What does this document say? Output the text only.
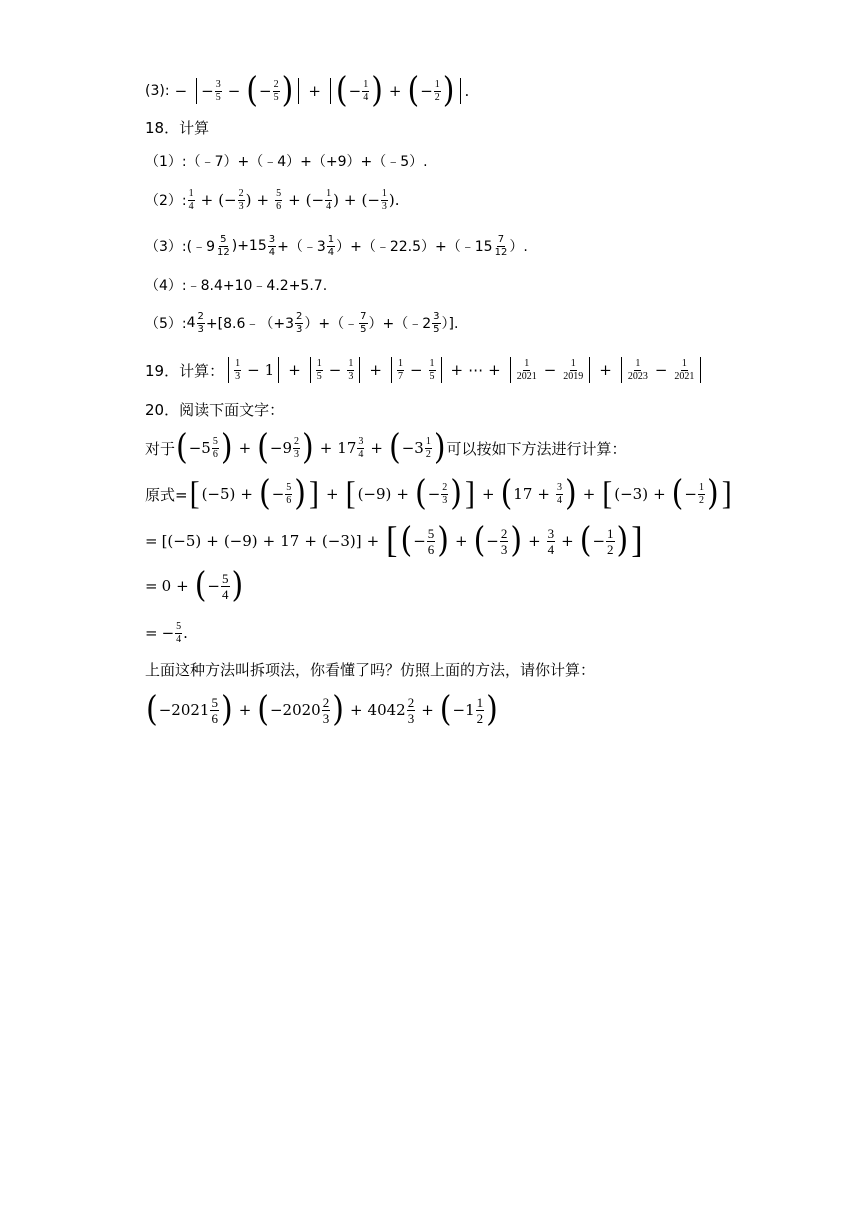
(3): − − $\frac{3}{5}$ − ( − $\frac{2}{5}$ ) + ( − $\frac{1}{4}$ ) + ( − $\frac{1}{2}$ ) .
18．计算
（1）: （﹣7）+（﹣4）+（+9）+（﹣5）.
（2）: $\frac{1}{4}$ + (− $\frac{2}{3}$ ) + $\frac{5}{6}$ + (− $\frac{1}{4}$ ) + (− $\frac{1}{3}$ ).
（3）: (﹣9 $\frac{5}{12} )+15 \frac{3}{4}$ +（﹣3 $\frac{1}{4}$ ）+（﹣22.5）+（﹣15 $\frac{7}{12}$ ）.
（4）: ﹣8.4+10﹣4.2+5.7.
（5）: $4 \frac{2}{3}$ +[8.6﹣（+3 $\frac{2}{3}$ ）+（﹣ $\frac{7}{5}$ ）+（﹣2 $\frac{3}{5}$ ）].
19．计算： $\frac{1}{3} - 1 + \frac{1}{5} - \frac{1}{3} + \frac{1}{7} - \frac{1}{5}$ + ⋯ + $\frac{1}{2021} - \frac{1}{2019} + \frac{1}{2023} - \frac{1}{2021}$
20．阅读下面文字：
对于 ( $-5 \frac{5}{6}$ ) + ( $-9 \frac{2}{3}$ ) + $17 \frac{3}{4}$ + ( $-3 \frac{1}{2}$ ) 可以按如下方法进行计算：
原式= [ (−5) + ( − $\frac{5}{6}$ ) ] + [ (−9) + ( − $\frac{2}{3}$ ) ] + ( $17 + \frac{3}{4}$ ) + [ (−3) + ( − $\frac{1}{2}$ ) ]
= [(−5) + (−9) + 17 + (−3)] + [ ( − $\frac{5}{6}$ ) + ( − $\frac{2}{3}$ ) + $\frac{3}{4}$ + ( − $\frac{1}{2}$ ) ]
= 0 + ( − $\frac{5}{4}$ )
= − $\frac{5}{4}$ .
上面这种方法叫拆项法，你看懂了吗？仿照上面的方法，请你计算：
( $-2021 \frac{5}{6}$ ) + ( $-2020 \frac{2}{3}$ ) + $4042 \frac{2}{3}$ + ( $-1 \frac{1}{2}$ )
